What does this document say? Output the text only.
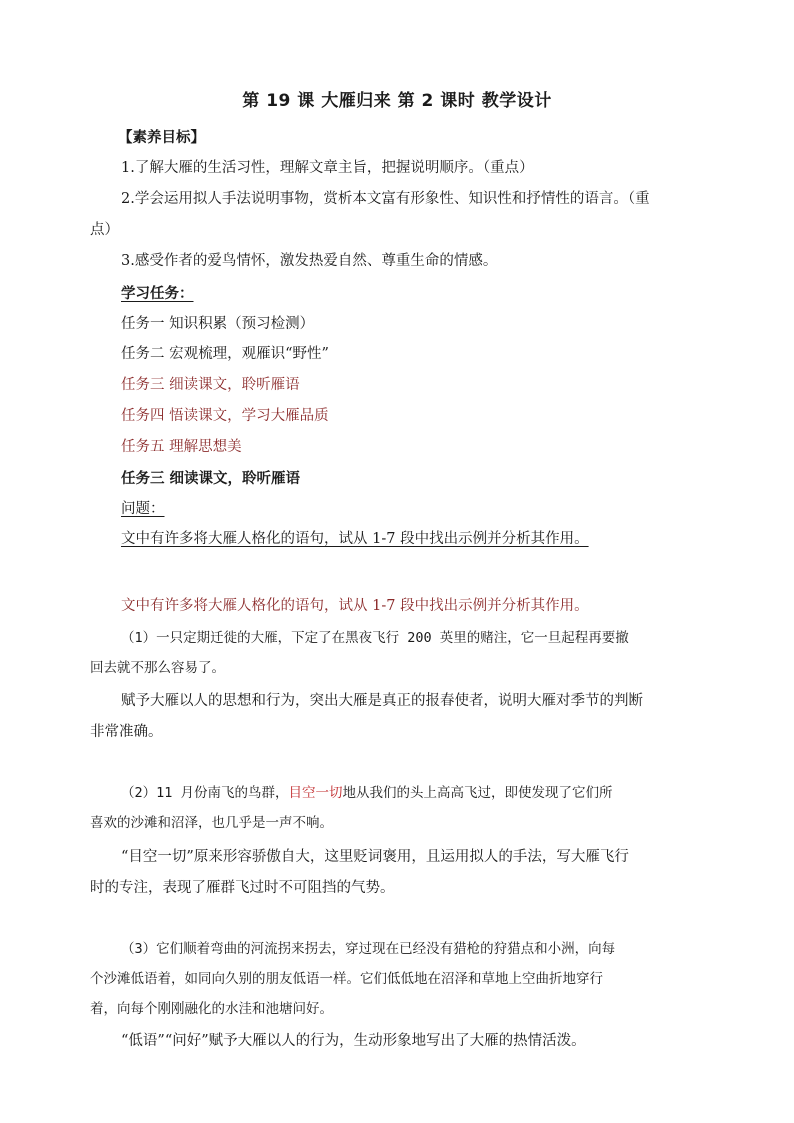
第 19 课 大雁归来 第 2 课时 教学设计
【素养目标】
1.了解大雁的生活习性，理解文章主旨，把握说明顺序。（重点）
2.学会运用拟人手法说明事物，赏析本文富有形象性、知识性和抒情性的语言。（重
点）
3.感受作者的爱鸟情怀，激发热爱自然、尊重生命的情感。
学习任务：
任务一 知识积累（预习检测）
任务二 宏观梳理，观雁识“野性”
任务三 细读课文，聆听雁语
任务四 悟读课文，学习大雁品质
任务五 理解思想美
任务三 细读课文，聆听雁语
问题：
文中有许多将大雁人格化的语句，试从 1-7 段中找出示例并分析其作用。
文中有许多将大雁人格化的语句，试从 1-7 段中找出示例并分析其作用。
（1）一只定期迁徙的大雁，下定了在黑夜飞行 200 英里的赌注，它一旦起程再要撤
回去就不那么容易了。
赋予大雁以人的思想和行为，突出大雁是真正的报春使者，说明大雁对季节的判断
非常准确。
（2）11 月份南飞的鸟群，目空一切地从我们的头上高高飞过，即使发现了它们所
喜欢的沙滩和沼泽，也几乎是一声不响。
“目空一切”原来形容骄傲自大，这里贬词褒用，且运用拟人的手法，写大雁飞行
时的专注，表现了雁群飞过时不可阻挡的气势。
（3）它们顺着弯曲的河流拐来拐去，穿过现在已经没有猎枪的狩猎点和小洲，向每
个沙滩低语着，如同向久别的朋友低语一样。它们低低地在沼泽和草地上空曲折地穿行
着，向每个刚刚融化的水洼和池塘问好。
“低语”“问好”赋予大雁以人的行为，生动形象地写出了大雁的热情活泼。
